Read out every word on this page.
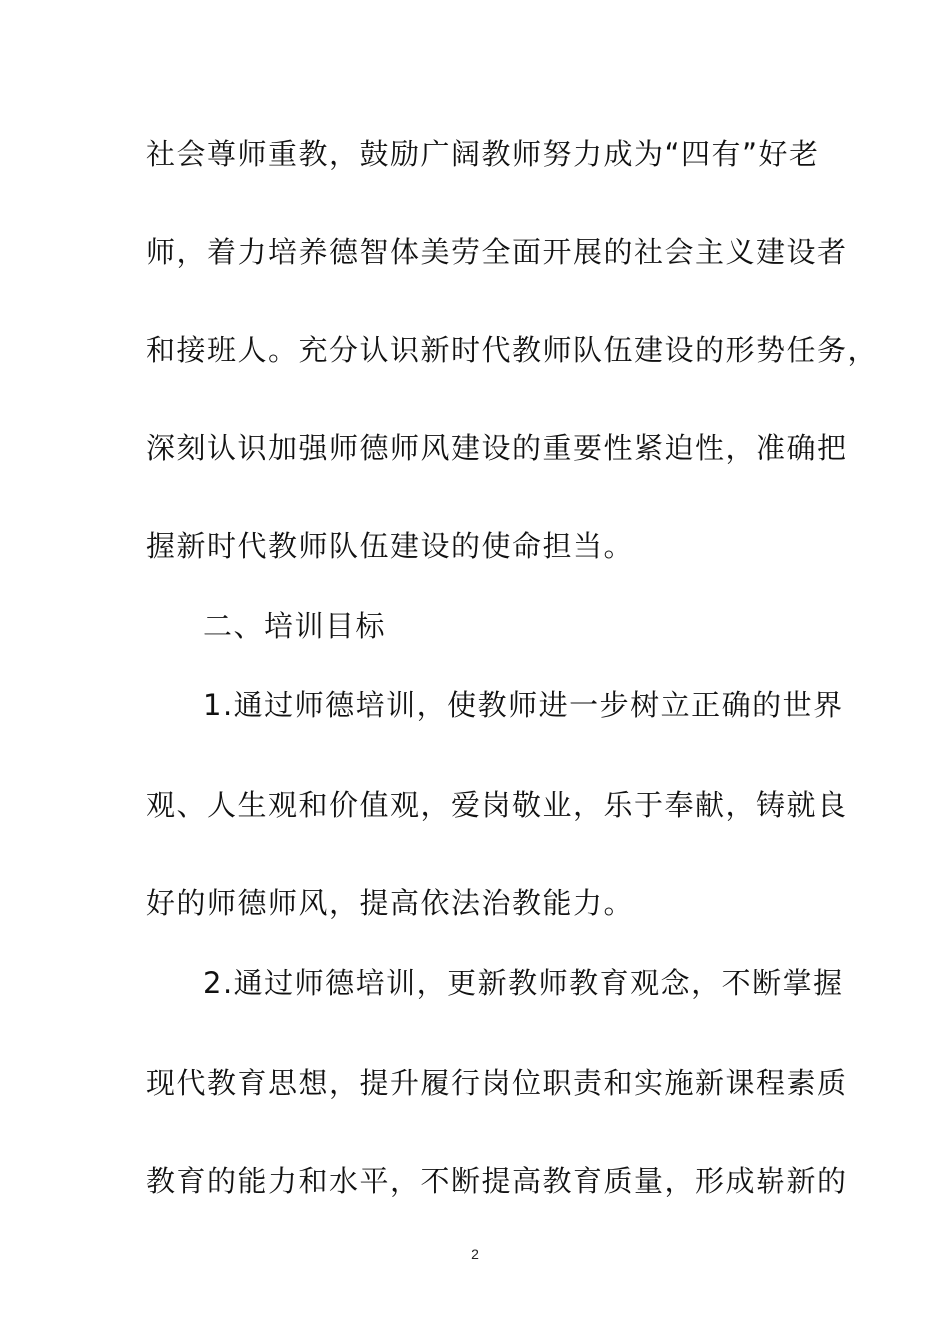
社会尊师重教，鼓励广阔教师努力成为“四有”好老
师，着力培养德智体美劳全面开展的社会主义建设者
和接班人。充分认识新时代教师队伍建设的形势任务，
深刻认识加强师德师风建设的重要性紧迫性，准确把
握新时代教师队伍建设的使命担当。
二、培训目标
1.通过师德培训，使教师进一步树立正确的世界
观、人生观和价值观，爱岗敬业，乐于奉献，铸就良
好的师德师风，提高依法治教能力。
2.通过师德培训，更新教师教育观念，不断掌握
现代教育思想，提升履行岗位职责和实施新课程素质
教育的能力和水平，不断提高教育质量，形成崭新的
2
